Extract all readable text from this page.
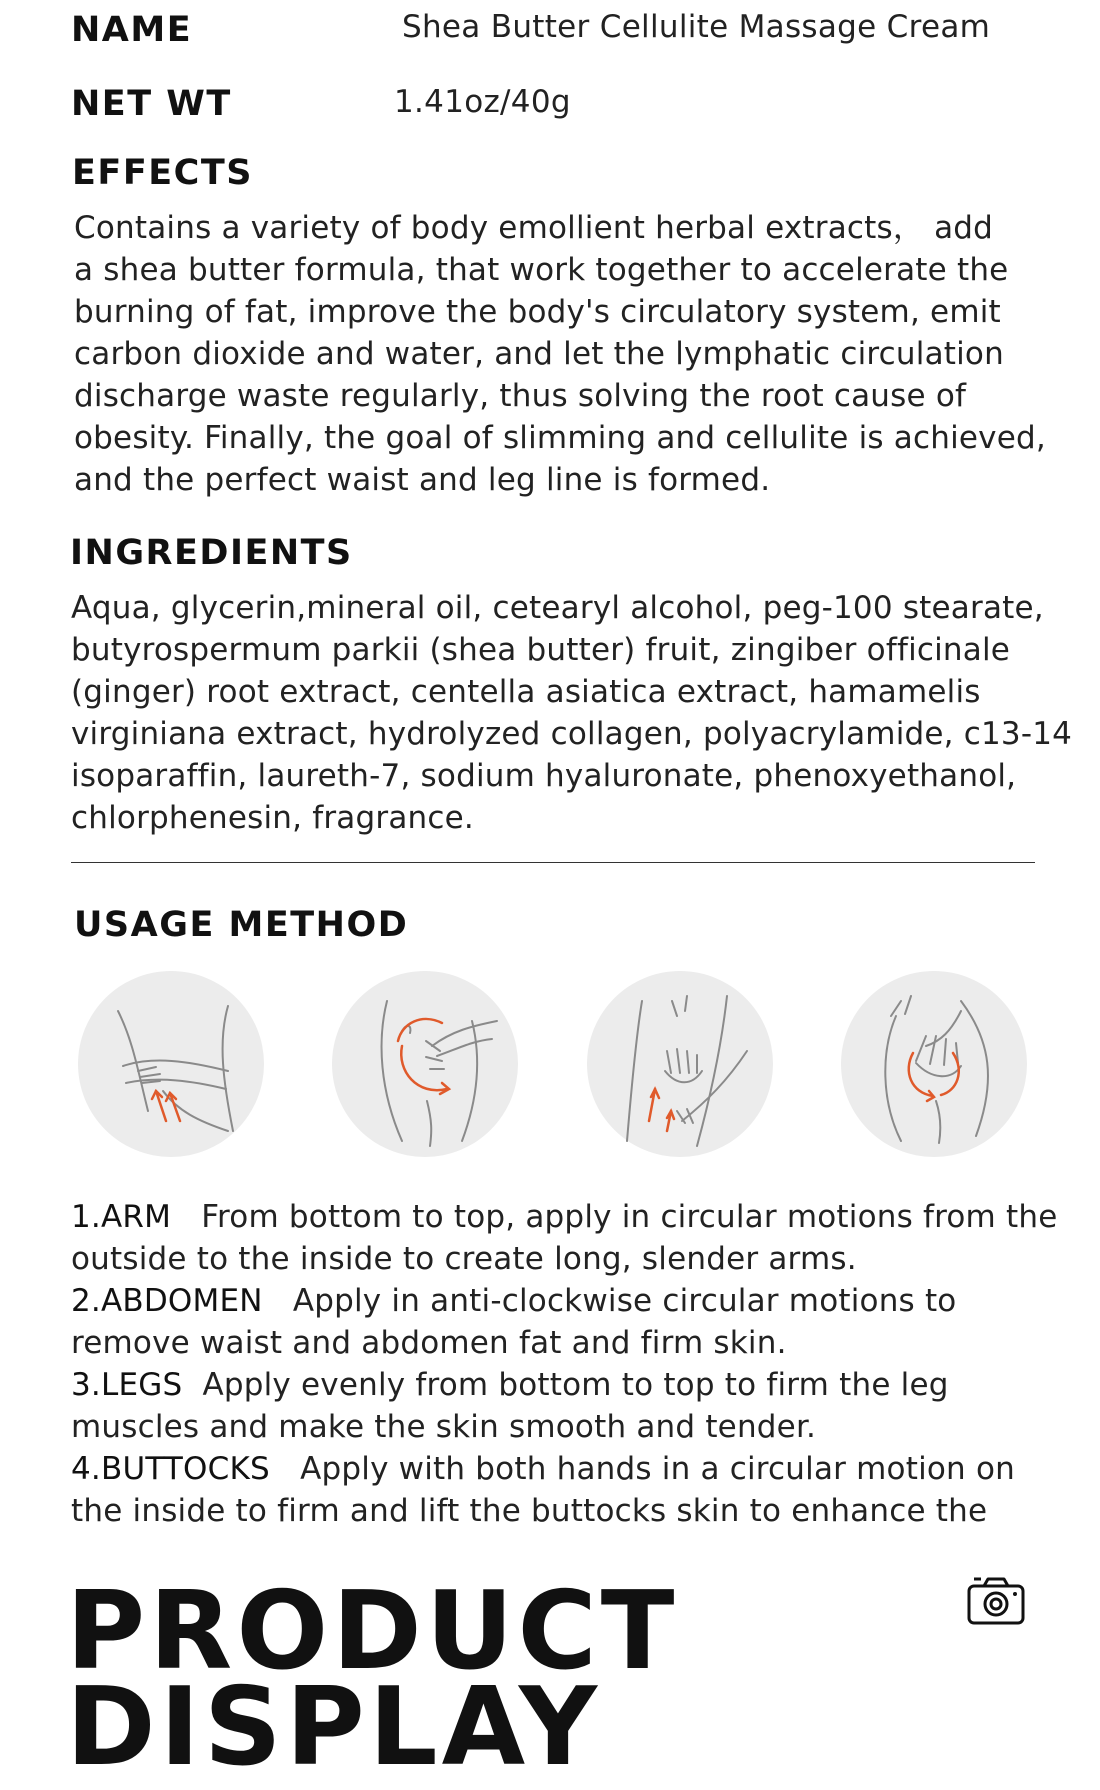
NAME	Shea Butter Cellulite Massage Cream
NET WT	1.41oz/40g
EFFECTS
Contains a variety of body emollient herbal extracts， add
a shea butter formula, that work together to accelerate the
burning of fat, improve the body's circulatory system, emit
carbon dioxide and water, and let the lymphatic circulation
discharge waste regularly, thus solving the root cause of
obesity. Finally, the goal of slimming and cellulite is achieved,
and the perfect waist and leg line is formed.
INGREDIENTS
Aqua, glycerin,mineral oil, cetearyl alcohol, peg-100 stearate,
butyrospermum parkii (shea butter) fruit, zingiber officinale
(ginger) root extract, centella asiatica extract, hamamelis
virginiana extract, hydrolyzed collagen, polyacrylamide, c13-14
isoparaffin, laureth-7, sodium hyaluronate, phenoxyethanol,
chlorphenesin, fragrance.
USAGE METHOD
1.ARM From bottom to top, apply in circular motions from the
outside to the inside to create long, slender arms.
2.ABDOMEN Apply in anti-clockwise circular motions to
remove waist and abdomen fat and firm skin.
3.LEGS Apply evenly from bottom to top to firm the leg
muscles and make the skin smooth and tender.
4.BUTTOCKS Apply with both hands in a circular motion on
the inside to firm and lift the buttocks skin to enhance the
PRODUCT
DISPLAY
